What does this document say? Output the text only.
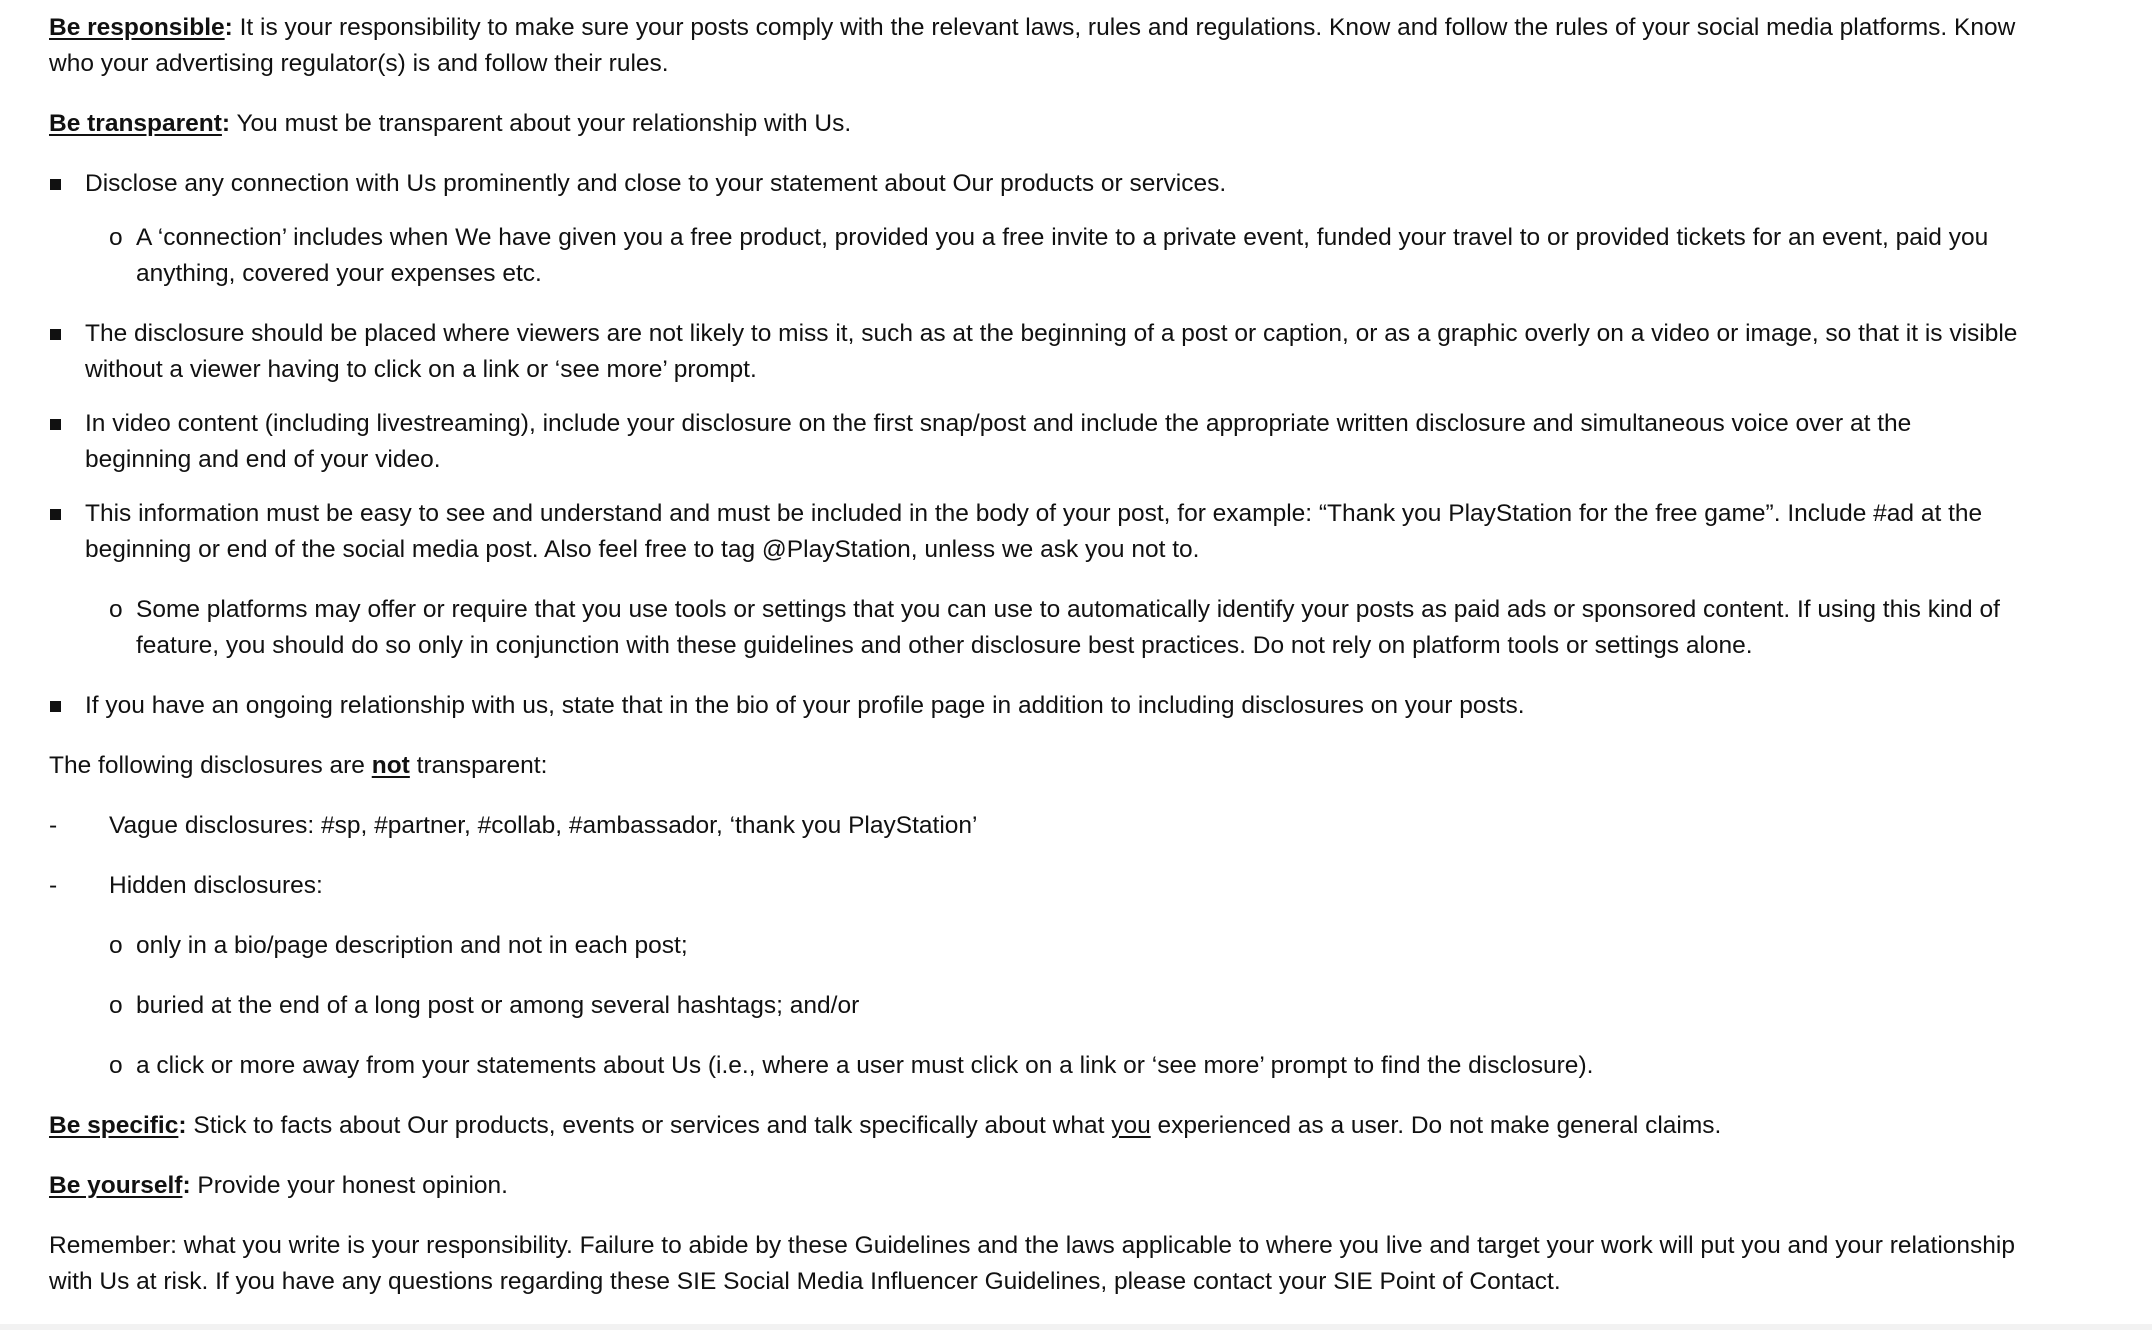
Be responsible: It is your responsibility to make sure your posts comply with the relevant laws, rules and regulations. Know and follow the rules of your social media platforms. Know who your advertising regulator(s) is and follow their rules.

Be transparent: You must be transparent about your relationship with Us.

Disclose any connection with Us prominently and close to your statement about Our products or services.
o A ‘connection’ includes when We have given you a free product, provided you a free invite to a private event, funded your travel to or provided tickets for an event, paid you anything, covered your expenses etc.
The disclosure should be placed where viewers are not likely to miss it, such as at the beginning of a post or caption, or as a graphic overly on a video or image, so that it is visible without a viewer having to click on a link or ‘see more’ prompt.
In video content (including livestreaming), include your disclosure on the first snap/post and include the appropriate written disclosure and simultaneous voice over at the beginning and end of your video.
This information must be easy to see and understand and must be included in the body of your post, for example: “Thank you PlayStation for the free game”. Include #ad at the beginning or end of the social media post. Also feel free to tag @PlayStation, unless we ask you not to.
o Some platforms may offer or require that you use tools or settings that you can use to automatically identify your posts as paid ads or sponsored content. If using this kind of feature, you should do so only in conjunction with these guidelines and other disclosure best practices. Do not rely on platform tools or settings alone.
If you have an ongoing relationship with us, state that in the bio of your profile page in addition to including disclosures on your posts.

The following disclosures are not transparent:

- Vague disclosures: #sp, #partner, #collab, #ambassador, ‘thank you PlayStation’
- Hidden disclosures:
o only in a bio/page description and not in each post;
o buried at the end of a long post or among several hashtags; and/or
o a click or more away from your statements about Us (i.e., where a user must click on a link or ‘see more’ prompt to find the disclosure).

Be specific: Stick to facts about Our products, events or services and talk specifically about what you experienced as a user. Do not make general claims.

Be yourself: Provide your honest opinion.

Remember: what you write is your responsibility. Failure to abide by these Guidelines and the laws applicable to where you live and target your work will put you and your relationship with Us at risk. If you have any questions regarding these SIE Social Media Influencer Guidelines, please contact your SIE Point of Contact.
